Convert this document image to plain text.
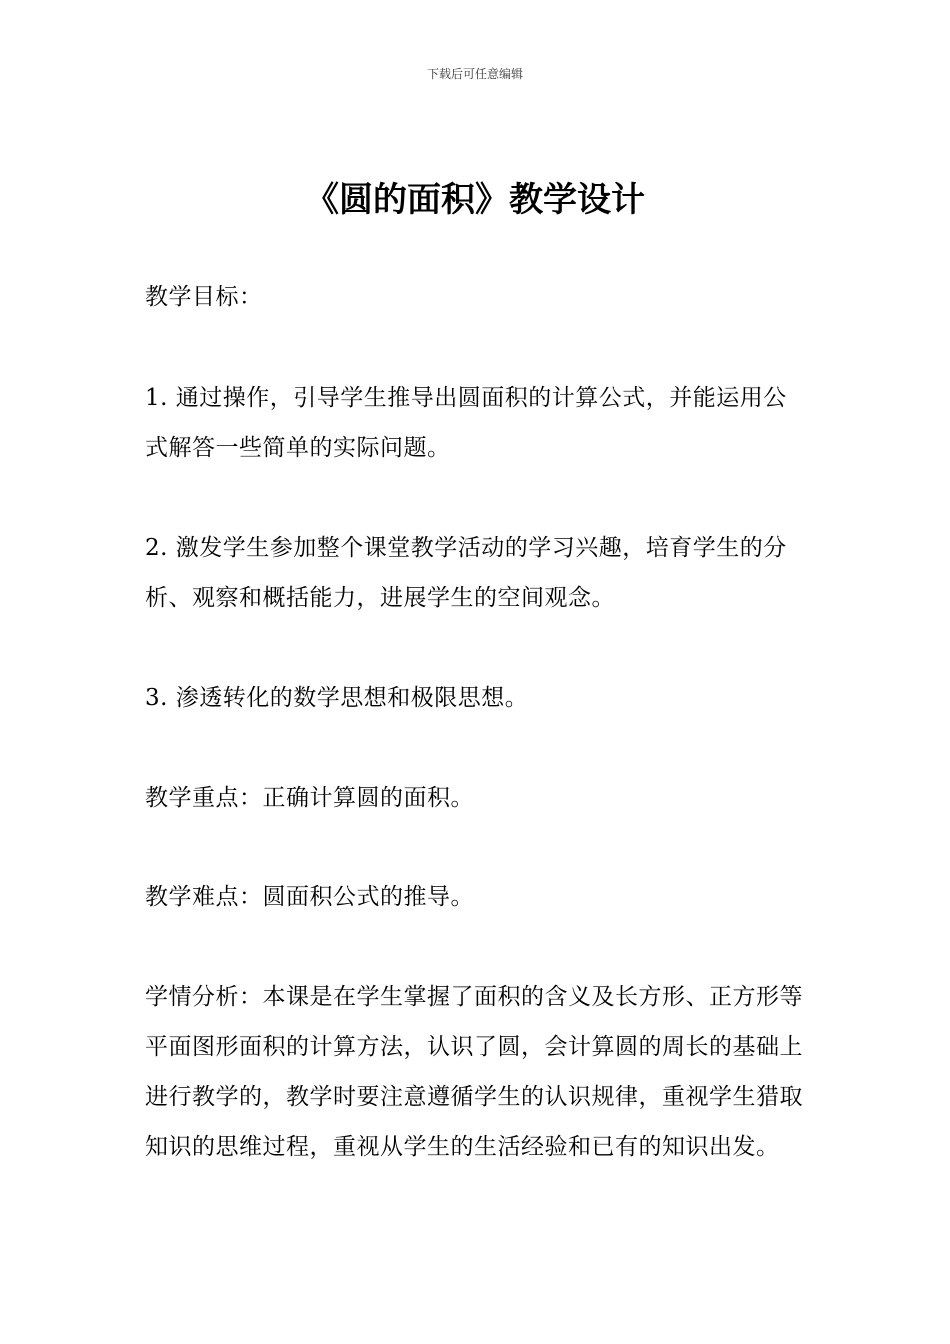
下载后可任意编辑
《圆的面积》教学设计

教学目标：

1. 通过操作，引导学生推导出圆面积的计算公式，并能运用公式解答一些简单的实际问题。

2. 激发学生参加整个课堂教学活动的学习兴趣，培育学生的分析、观察和概括能力，进展学生的空间观念。

3. 渗透转化的数学思想和极限思想。

教学重点：正确计算圆的面积。

教学难点：圆面积公式的推导。

学情分析：本课是在学生掌握了面积的含义及长方形、正方形等平面图形面积的计算方法，认识了圆，会计算圆的周长的基础上进行教学的，教学时要注意遵循学生的认识规律，重视学生猎取知识的思维过程，重视从学生的生活经验和已有的知识出发。
